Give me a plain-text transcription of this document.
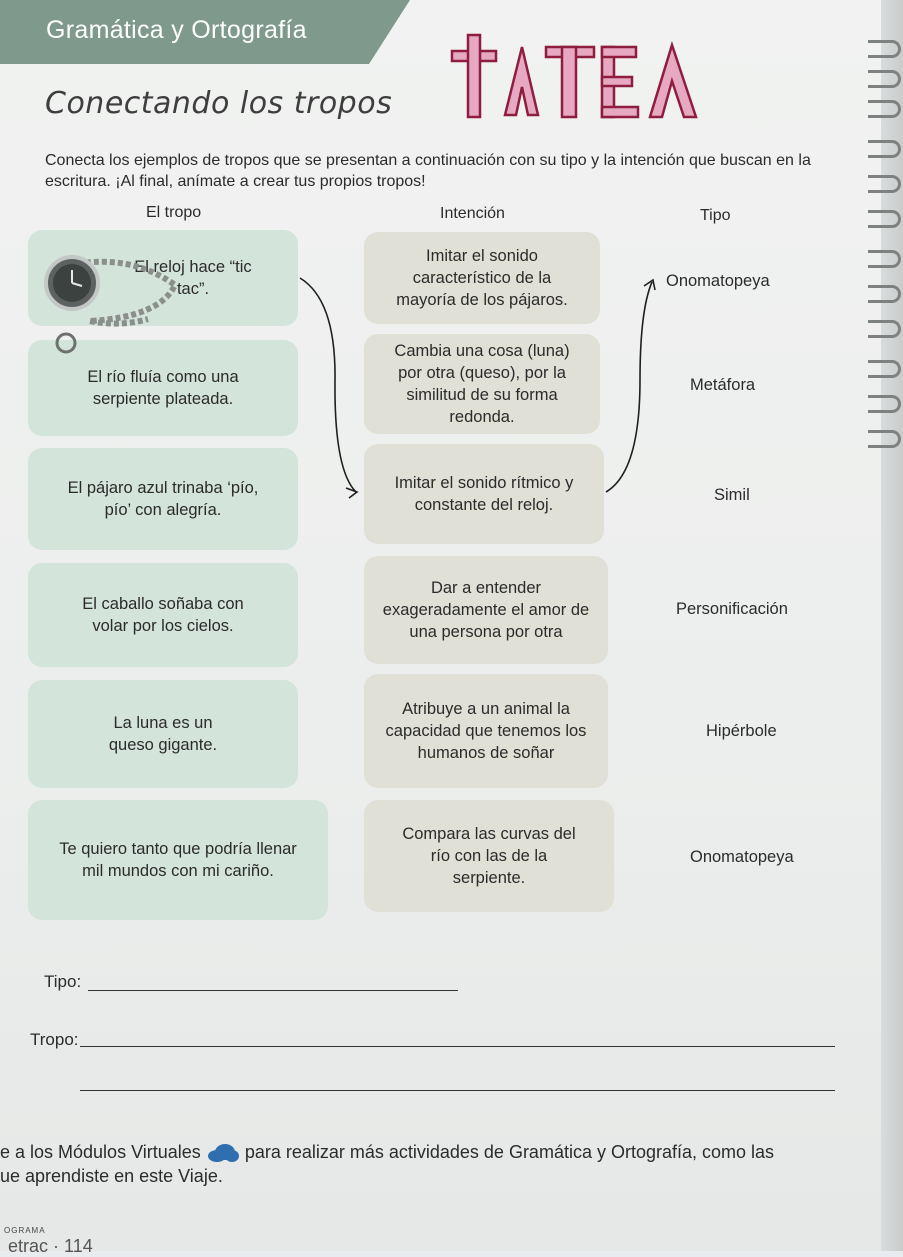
Gramática y Ortografía
Conectando los tropos
Conecta los ejemplos de tropos que se presentan a continuación con su tipo y la intención que buscan en la escritura. ¡Al final, anímate a crear tus propios tropos!
El tropo	Intención	Tipo
El reloj hace “tic tac”.
El río fluía como una serpiente plateada.
El pájaro azul trinaba ‘pío, pío’ con alegría.
El caballo soñaba con volar por los cielos.
La luna es un queso gigante.
Te quiero tanto que podría llenar mil mundos con mi cariño.
Imitar el sonido característico de la mayoría de los pájaros.
Cambia una cosa (luna) por otra (queso), por la similitud de su forma redonda.
Imitar el sonido rítmico y constante del reloj.
Dar a entender exageradamente el amor de una persona por otra
Atribuye a un animal la capacidad que tenemos los humanos de soñar
Compara las curvas del río con las de la serpiente.
Onomatopeya
Metáfora
Simil
Personificación
Hipérbole
Onomatopeya
Tipo:
Tropo:
e a los Módulos Virtuales para realizar más actividades de Gramática y Ortografía, como las
ue aprendiste en este Viaje.
OGRAMA
etrac · 114
